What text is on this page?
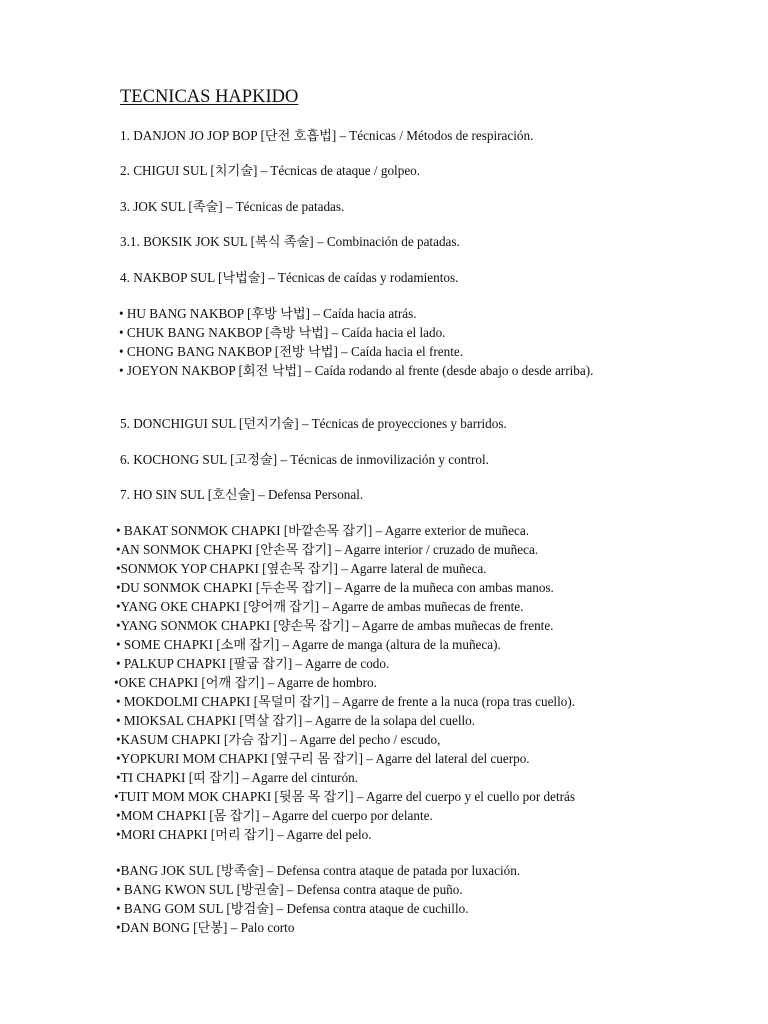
TECNICAS HAPKIDO
1. DANJON JO JOP BOP [단전 호흡법] – Técnicas / Métodos de respiración.
2. CHIGUI SUL [치기술] – Técnicas de ataque / golpeo.
3. JOK SUL [족술] – Técnicas de patadas.
3.1. BOKSIK JOK SUL [복식 족술] – Combinación de patadas.
4. NAKBOP SUL [낙법술] – Técnicas de caídas y rodamientos.
• HU BANG NAKBOP [후방 낙법] – Caída hacia atrás.
• CHUK BANG NAKBOP [측방 낙법] – Caída hacia el lado.
• CHONG BANG NAKBOP [전방 낙법] – Caída hacia el frente.
• JOEYON NAKBOP [회전 낙법] – Caída rodando al frente (desde abajo o desde arriba).
5. DONCHIGUI SUL [던지기술] – Técnicas de proyecciones y barridos.
6. KOCHONG SUL [고정술] – Técnicas de inmovilización y control.
7. HO SIN SUL [호신술] – Defensa Personal.
• BAKAT SONMOK CHAPKI [바깥손목 잡기] – Agarre exterior de muñeca.
•AN SONMOK CHAPKI [안손목 잡기] – Agarre interior / cruzado de muñeca.
•SONMOK YOP CHAPKI [옆손목 잡기] – Agarre lateral de muñeca.
•DU SONMOK CHAPKI [두손목 잡기] – Agarre de la muñeca con ambas manos.
•YANG OKE CHAPKI [양어깨 잡기] – Agarre de ambas muñecas de frente.
•YANG SONMOK CHAPKI [양손목 잡기] – Agarre de ambas muñecas de frente.
• SOME CHAPKI [소매 잡기] – Agarre de manga (altura de la muñeca).
• PALKUP CHAPKI [팔굽 잡기] – Agarre de codo.
•OKE CHAPKI [어깨 잡기] – Agarre de hombro.
• MOKDOLMI CHAPKI [목덜미 잡기] – Agarre de frente a la nuca (ropa tras cuello).
• MIOKSAL CHAPKI [멱살 잡기] – Agarre de la solapa del cuello.
•KASUM CHAPKI [가슴 잡기] – Agarre del pecho / escudo,
•YOPKURI MOM CHAPKI [옆구리 몸 잡기] – Agarre del lateral del cuerpo.
•TI CHAPKI [띠 잡기] – Agarre del cinturón.
•TUIT MOM MOK CHAPKI [뒷몸 목 잡기] – Agarre del cuerpo y el cuello por detrás
•MOM CHAPKI [몸 잡기] – Agarre del cuerpo por delante.
•MORI CHAPKI [머리 잡기] – Agarre del pelo.
•BANG JOK SUL [방족술] – Defensa contra ataque de patada por luxación.
• BANG KWON SUL [방권술] – Defensa contra ataque de puño.
• BANG GOM SUL [방검술] – Defensa contra ataque de cuchillo.
•DAN BONG [단봉] – Palo corto
